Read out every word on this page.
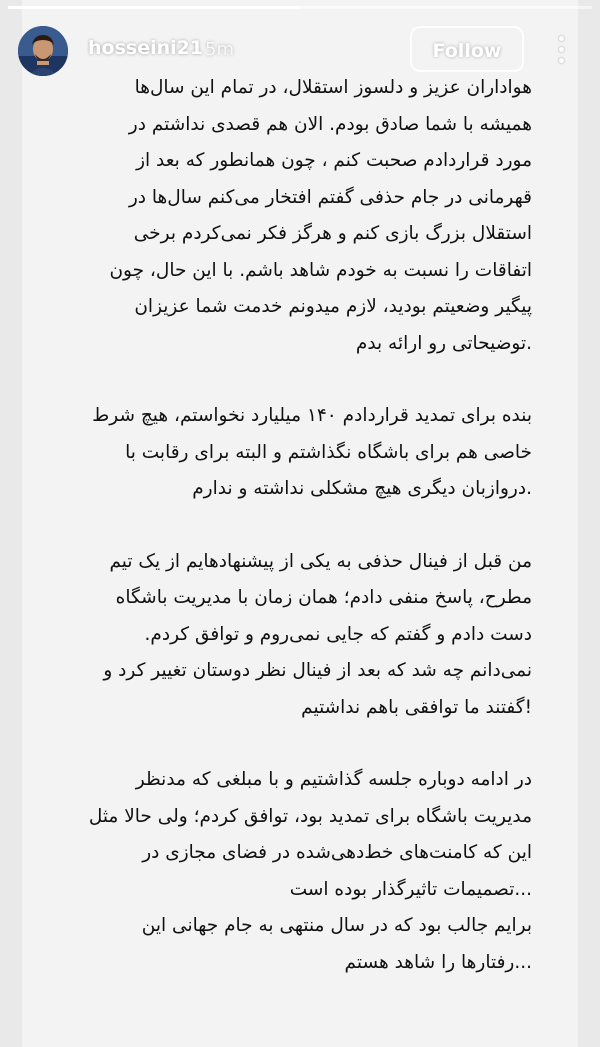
hosseini21 5m	Follow

هواداران عزیز و دلسوز استقلال، در تمام این سال‌ها

همیشه با شما صادق بودم. الان هم قصدی نداشتم در

مورد قراردادم صحبت کنم ، چون همانطور که بعد از

قهرمانی در جام حذفی گفتم افتخار می‌کنم سال‌ها در

استقلال بزرگ بازی کنم و هرگز فکر نمی‌کردم برخی

اتفاقات را نسبت به خودم شاهد باشم. با این حال، چون

پیگیر وضعیتم بودید، لازم میدونم خدمت شما عزیزان

.توضیحاتی رو ارائه بدم

بنده برای تمدید قراردادم ۱۴۰ میلیارد نخواستم، هیچ شرط

خاصی هم برای باشگاه نگذاشتم و البته برای رقابت با

.دروازبان دیگری هیچ مشکلی نداشته و ندارم

من قبل از فینال حذفی به یکی از پیشنهادهایم از یک تیم

مطرح، پاسخ منفی دادم؛ همان زمان با مدیریت باشگاه

دست دادم و گفتم که جایی نمی‌روم و توافق کردم.

نمی‌دانم چه شد که بعد از فینال نظر دوستان تغییر کرد و

!گفتند ما توافقی باهم نداشتیم

در ادامه دوباره جلسه گذاشتیم و با مبلغی که مدنظر

مدیریت باشگاه برای تمدید بود، توافق کردم؛ ولی حالا مثل

این که کامنت‌های خط‌دهی‌شده در فضای مجازی در

...تصمیمات تاثیرگذار بوده است

برایم جالب بود که در سال منتهی به جام جهانی این

...رفتارها را شاهد هستم
